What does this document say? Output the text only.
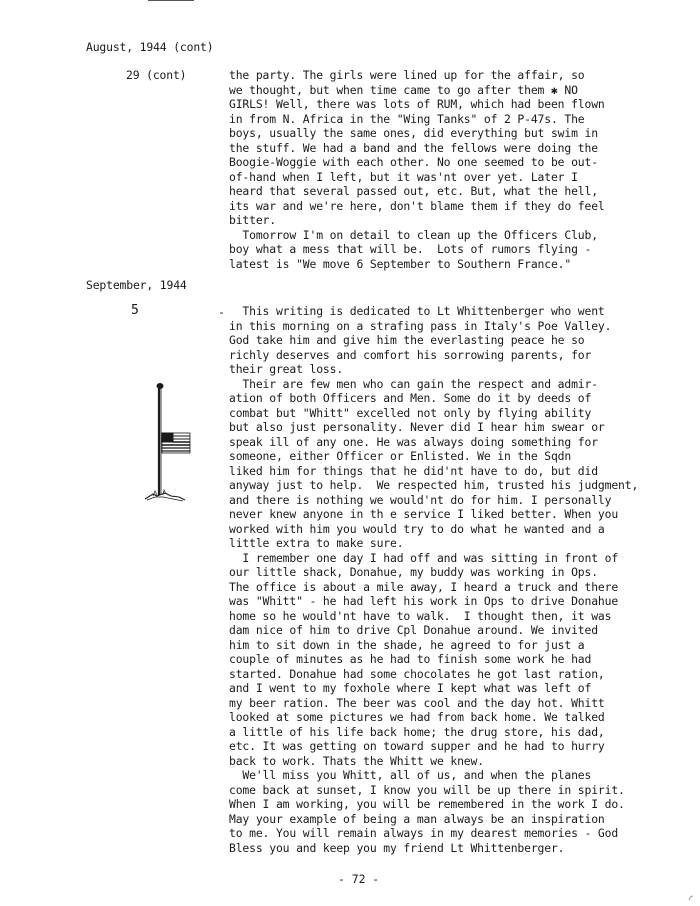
August, 1944 (cont)
29 (cont)	the party. The girls were lined up for the affair, so
we thought, but when time came to go after them ✱ NO
GIRLS! Well, there was lots of RUM, which had been flown
in from N. Africa in the "Wing Tanks" of 2 P-47s. The
boys, usually the same ones, did everything but swim in
the stuff. We had a band and the fellows were doing the
Boogie-Woggie with each other. No one seemed to be out-
of-hand when I left, but it was'nt over yet. Later I
heard that several passed out, etc. But, what the hell,
its war and we're here, don't blame them if they do feel
bitter.
Tomorrow I'm on detail to clean up the Officers Club,
boy what a mess that will be.  Lots of rumors flying -
latest is "We move 6 September to Southern France."
September, 1944
5	- This writing is dedicated to Lt Whittenberger who went
in this morning on a strafing pass in Italy's Poe Valley.
God take him and give him the everlasting peace he so
richly deserves and comfort his sorrowing parents, for
their great loss.
Their are few men who can gain the respect and admir-
ation of both Officers and Men. Some do it by deeds of
combat but "Whitt" excelled not only by flying ability
but also just personality. Never did I hear him swear or
speak ill of any one. He was always doing something for
someone, either Officer or Enlisted. We in the Sqdn
liked him for things that he did'nt have to do, but did
anyway just to help.  We respected him, trusted his judgment,
and there is nothing we would'nt do for him. I personally
never knew anyone in th e service I liked better. When you
worked with him you would try to do what he wanted and a
little extra to make sure.
I remember one day I had off and was sitting in front of
our little shack, Donahue, my buddy was working in Ops.
The office is about a mile away, I heard a truck and there
was "Whitt" - he had left his work in Ops to drive Donahue
home so he would'nt have to walk.  I thought then, it was
dam nice of him to drive Cpl Donahue around. We invited
him to sit down in the shade, he agreed to for just a
couple of minutes as he had to finish some work he had
started. Donahue had some chocolates he got last ration,
and I went to my foxhole where I kept what was left of
my beer ration. The beer was cool and the day hot. Whitt
looked at some pictures we had from back home. We talked
a little of his life back home; the drug store, his dad,
etc. It was getting on toward supper and he had to hurry
back to work. Thats the Whitt we knew.
We'll miss you Whitt, all of us, and when the planes
come back at sunset, I know you will be up there in spirit.
When I am working, you will be remembered in the work I do.
May your example of being a man always be an inspiration
to me. You will remain always in my dearest memories - God
Bless you and keep you my friend Lt Whittenberger.
- 72 -
